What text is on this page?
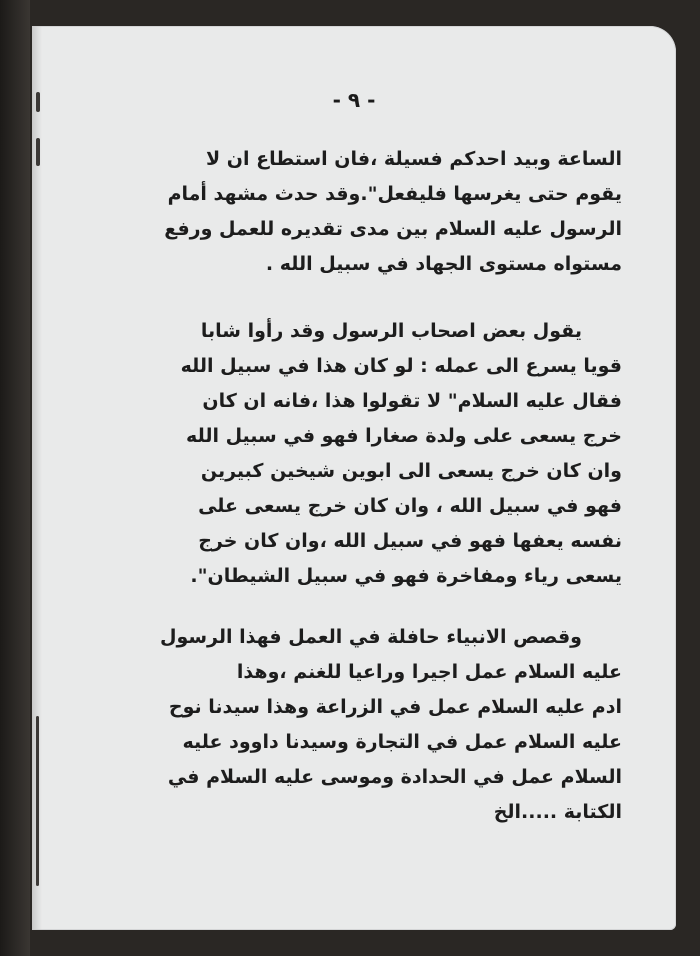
- ٩ -
الساعة وبيد احدكم فسيلة ،فان استطاع ان لا
يقوم حتى يغرسها فليفعل".وقد حدث مشهد أمام
الرسول عليه السلام بين مدى تقديره للعمل ورفع
مستواه مستوى الجهاد في سبيل الله .
يقول بعض اصحاب الرسول وقد رأوا شابا
قويا يسرع الى عمله : لو كان هذا في سبيل الله
فقال عليه السلام" لا تقولوا هذا ،فانه ان كان
خرج يسعى على ولدة صغارا فهو في سبيل الله
وان كان خرج يسعى الى ابوين شيخين كبيرين
فهو في سبيل الله ، وان كان خرج يسعى على
نفسه يعفها فهو في سبيل الله ،وان كان خرج
يسعى رياء ومفاخرة فهو في سبيل الشيطان".
وقصص الانبياء حافلة في العمل فهذا الرسول
عليه السلام عمل اجيرا وراعيا للغنم ،وهذا
ادم عليه السلام عمل في الزراعة وهذا سيدنا نوح
عليه السلام عمل في التجارة وسيدنا داوود عليه
السلام عمل في الحدادة وموسى عليه السلام في
الكتابة .....الخ
